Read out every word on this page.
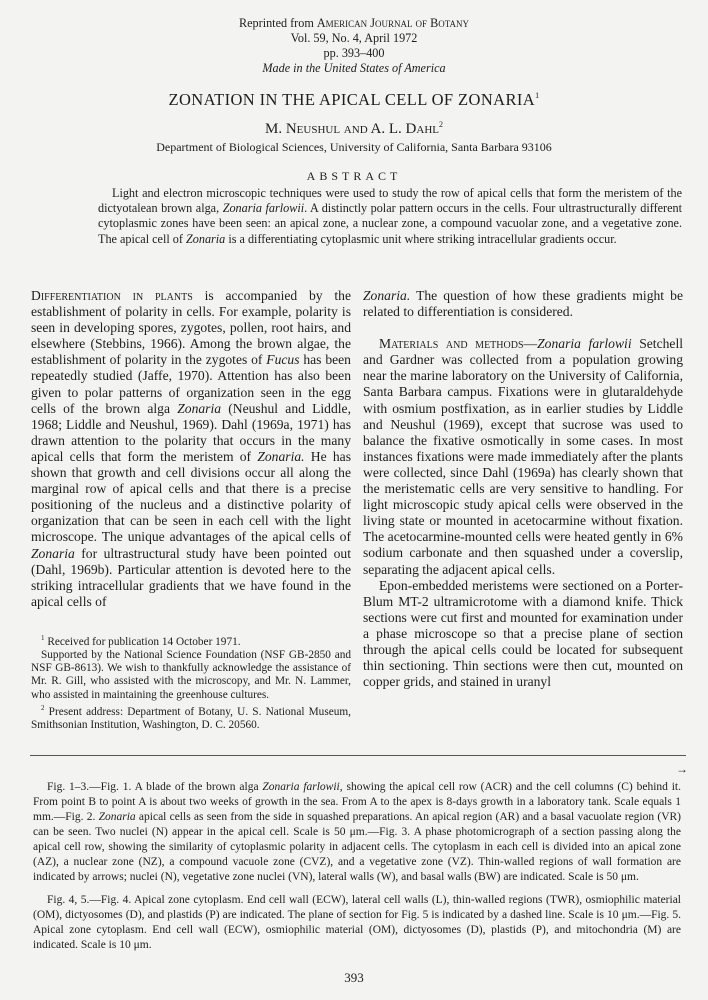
Reprinted from American Journal of Botany
Vol. 59, No. 4, April 1972
pp. 393–400
Made in the United States of America
ZONATION IN THE APICAL CELL OF ZONARIA$^1$
M. Neushul and A. L. Dahl$^2$
Department of Biological Sciences, University of California, Santa Barbara 93106
ABSTRACT
Light and electron microscopic techniques were used to study the row of apical cells that form the meristem of the dictyotalean brown alga, Zonaria farlowii. A distinctly polar pattern occurs in the cells. Four ultrastructurally different cytoplasmic zones have been seen: an apical zone, a nuclear zone, a compound vacuolar zone, and a vegetative zone. The apical cell of Zonaria is a differentiating cytoplasmic unit where striking intracellular gradients occur.

Differentiation in plants is accompanied by the establishment of polarity in cells. For example, polarity is seen in developing spores, zygotes, pollen, root hairs, and elsewhere (Stebbins, 1966). Among the brown algae, the establishment of polarity in the zygotes of Fucus has been repeatedly studied (Jaffe, 1970). Attention has also been given to polar patterns of organization seen in the egg cells of the brown alga Zonaria (Neushul and Liddle, 1968; Liddle and Neushul, 1969). Dahl (1969a, 1971) has drawn attention to the polarity that occurs in the many apical cells that form the meristem of Zonaria. He has shown that growth and cell divisions occur all along the marginal row of apical cells and that there is a precise positioning of the nucleus and a distinctive polarity of organization that can be seen in each cell with the light microscope. The unique advantages of the apical cells of Zonaria for ultrastructural study have been pointed out (Dahl, 1969b). Particular attention is devoted here to the striking intracellular gradients that we have found in the apical cells of

Zonaria. The question of how these gradients might be related to differentiation is considered.

Materials and methods—Zonaria farlowii Setchell and Gardner was collected from a population growing near the marine laboratory on the University of California, Santa Barbara campus. Fixations were in glutaraldehyde with osmium postfixation, as in earlier studies by Liddle and Neushul (1969), except that sucrose was used to balance the fixative osmotically in some cases. In most instances fixations were made immediately after the plants were collected, since Dahl (1969a) has clearly shown that the meristematic cells are very sensitive to handling. For light microscopic study apical cells were observed in the living state or mounted in acetocarmine without fixation. The acetocarmine-mounted cells were heated gently in 6% sodium carbonate and then squashed under a coverslip, separating the adjacent apical cells.

Epon-embedded meristems were sectioned on a Porter-Blum MT-2 ultramicrotome with a diamond knife. Thick sections were cut first and mounted for examination under a phase microscope so that a precise plane of section through the apical cells could be located for subsequent thin sectioning. Thin sections were then cut, mounted on copper grids, and stained in uranyl

$^1$ Received for publication 14 October 1971.

Supported by the National Science Foundation (NSF GB-2850 and NSF GB-8613). We wish to thankfully acknowledge the assistance of Mr. R. Gill, who assisted with the microscopy, and Mr. N. Lammer, who assisted in maintaining the greenhouse cultures.

$^2$ Present address: Department of Botany, U. S. National Museum, Smithsonian Institution, Washington, D. C. 20560.

→

Fig. 1–3.—Fig. 1. A blade of the brown alga Zonaria farlowii, showing the apical cell row (ACR) and the cell columns (C) behind it. From point B to point A is about two weeks of growth in the sea. From A to the apex is 8-days growth in a laboratory tank. Scale equals 1 mm.—Fig. 2. Zonaria apical cells as seen from the side in squashed preparations. An apical region (AR) and a basal vacuolate region (VR) can be seen. Two nuclei (N) appear in the apical cell. Scale is 50 μm.—Fig. 3. A phase photomicrograph of a section passing along the apical cell row, showing the similarity of cytoplasmic polarity in adjacent cells. The cytoplasm in each cell is divided into an apical zone (AZ), a nuclear zone (NZ), a compound vacuole zone (CVZ), and a vegetative zone (VZ). Thin-walled regions of wall formation are indicated by arrows; nuclei (N), vegetative zone nuclei (VN), lateral walls (W), and basal walls (BW) are indicated. Scale is 50 μm.

Fig. 4, 5.—Fig. 4. Apical zone cytoplasm. End cell wall (ECW), lateral cell walls (L), thin-walled regions (TWR), osmiophilic material (OM), dictyosomes (D), and plastids (P) are indicated. The plane of section for Fig. 5 is indicated by a dashed line. Scale is 10 μm.—Fig. 5. Apical zone cytoplasm. End cell wall (ECW), osmiophilic material (OM), dictyosomes (D), plastids (P), and mitochondria (M) are indicated. Scale is 10 μm.

393
